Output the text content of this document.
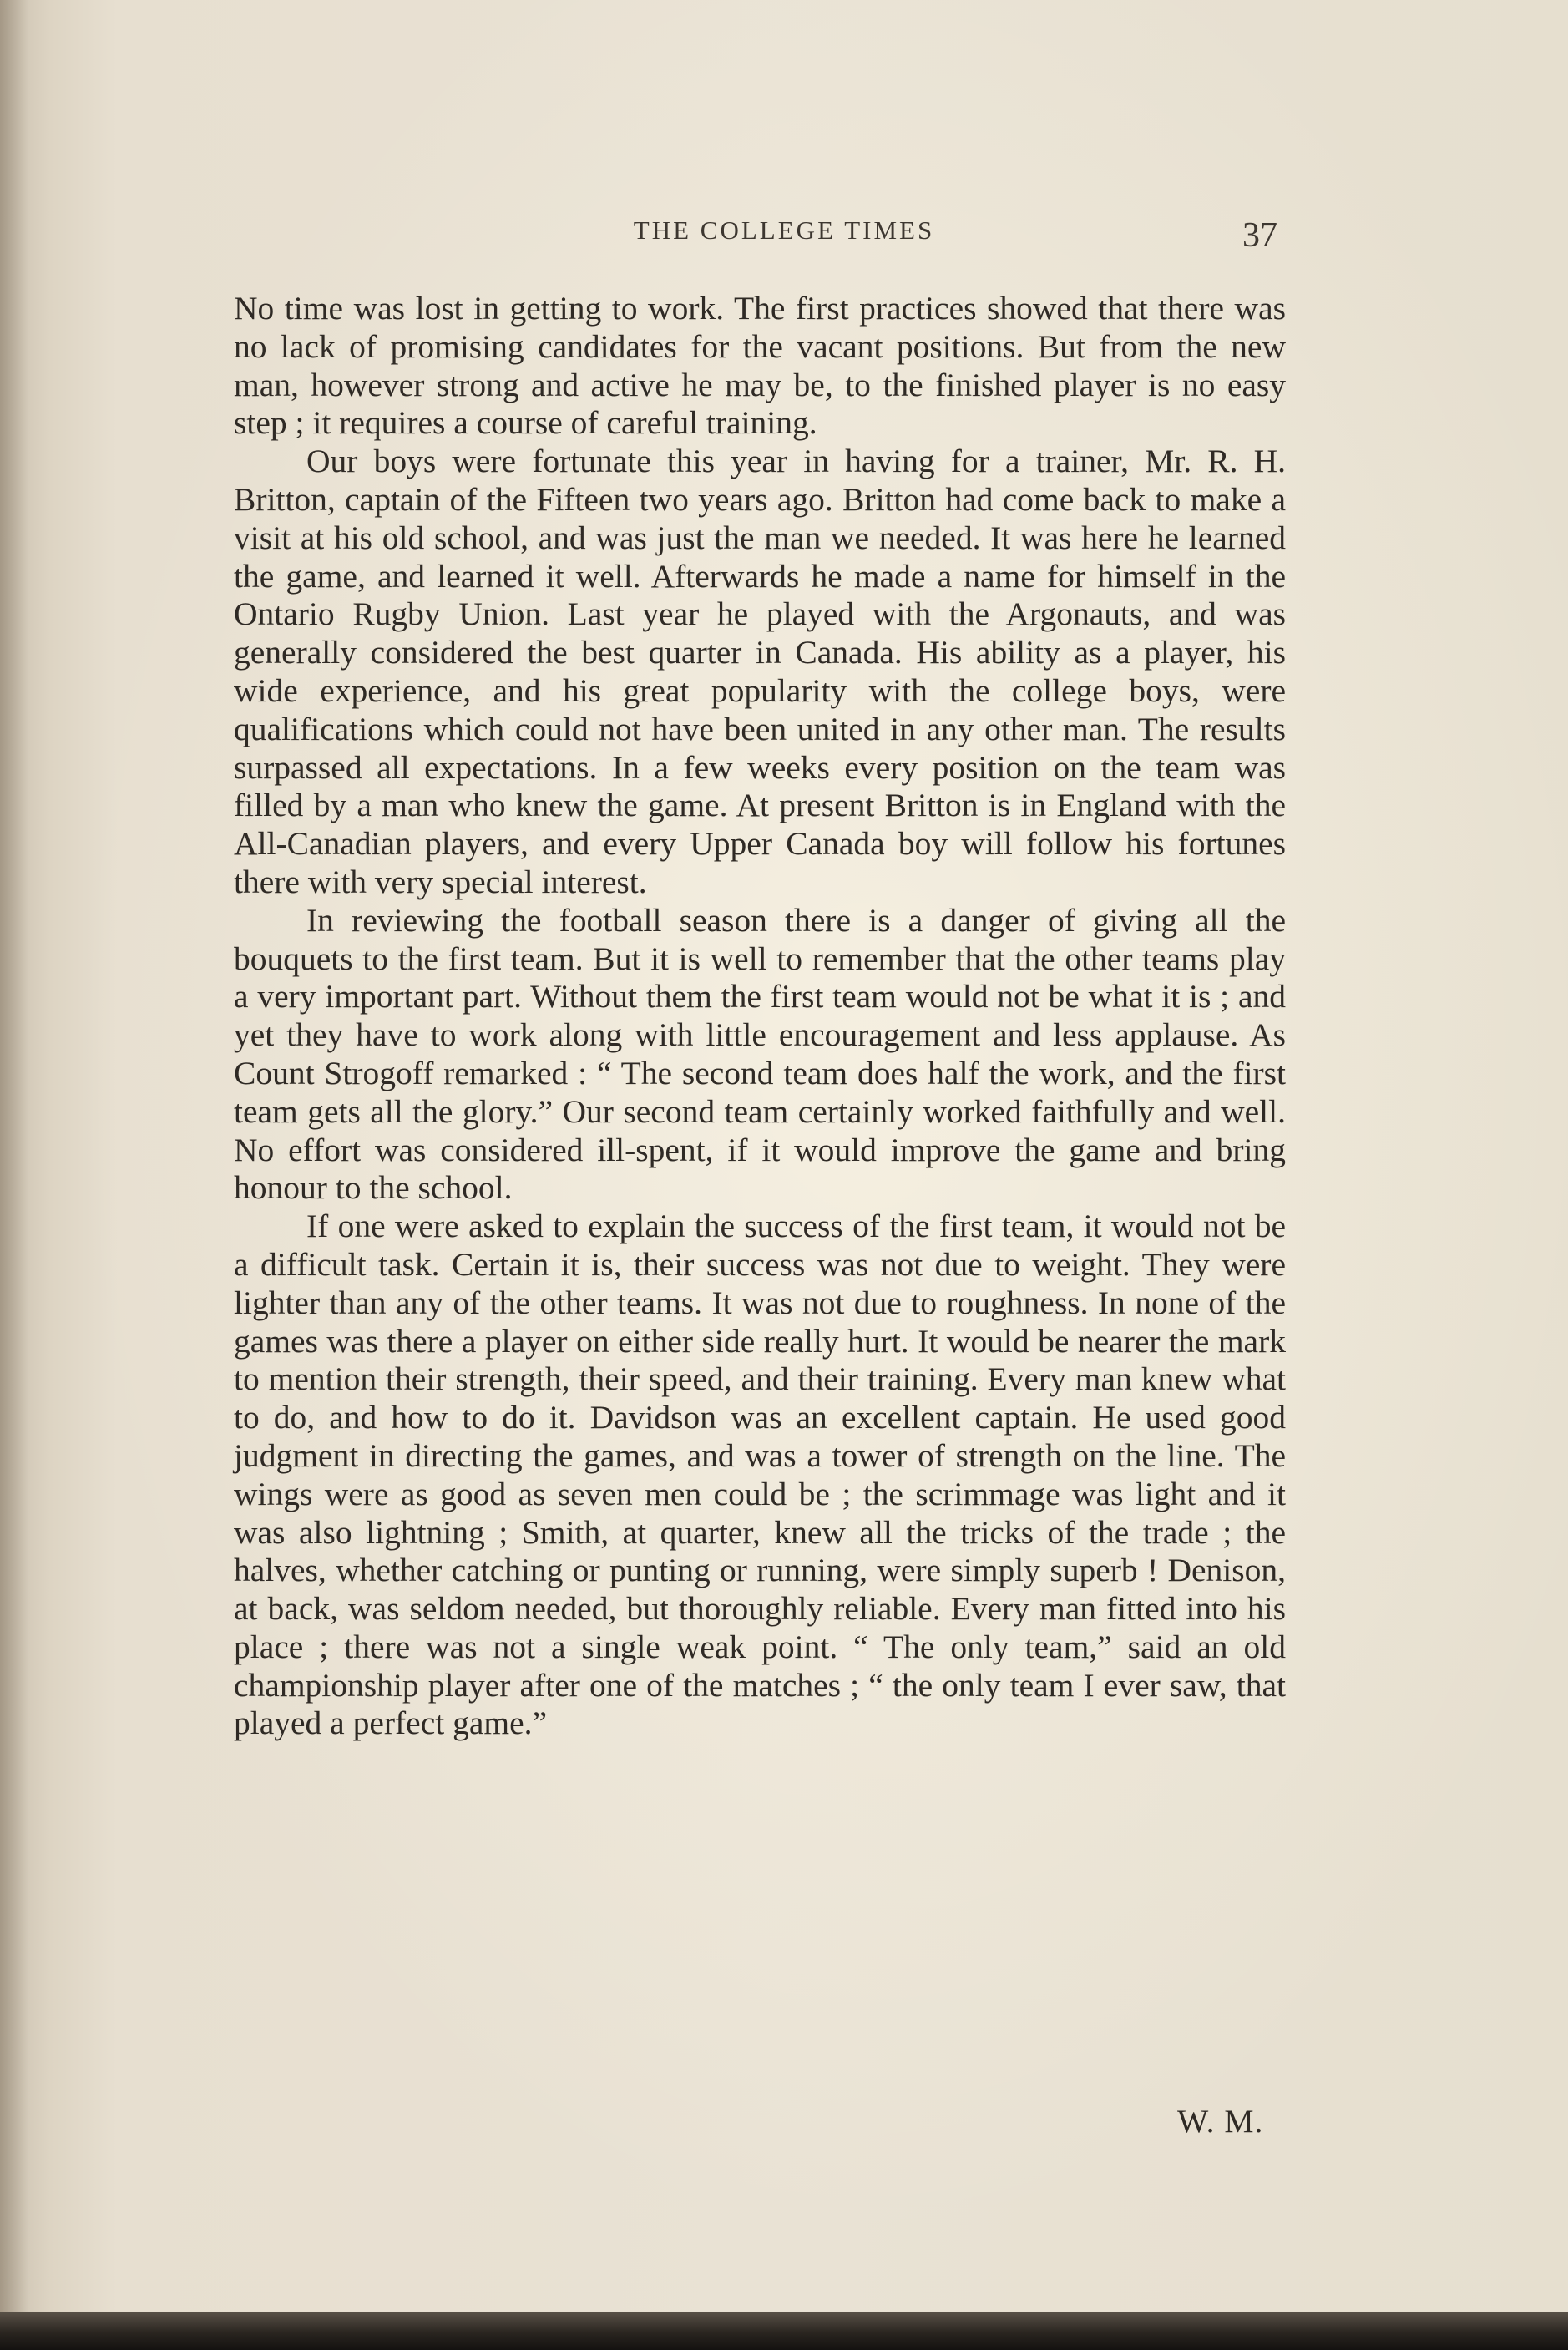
THE COLLEGE TIMES	37

No time was lost in getting to work. The first practices showed that there was no lack of promising candidates for the vacant positions. But from the new man, however strong and active he may be, to the finished player is no easy step ; it requires a course of careful training.

Our boys were fortunate this year in having for a trainer, Mr. R. H. Britton, captain of the Fifteen two years ago. Britton had come back to make a visit at his old school, and was just the man we needed. It was here he learned the game, and learned it well. Afterwards he made a name for himself in the Ontario Rugby Union. Last year he played with the Argonauts, and was generally considered the best quarter in Canada. His ability as a player, his wide experience, and his great popularity with the college boys, were qualifications which could not have been united in any other man. The results surpassed all expectations. In a few weeks every position on the team was filled by a man who knew the game. At present Britton is in England with the All-Canadian players, and every Upper Canada boy will follow his fortunes there with very special interest.

In reviewing the football season there is a danger of giving all the bouquets to the first team. But it is well to remember that the other teams play a very important part. Without them the first team would not be what it is ; and yet they have to work along with little encouragement and less applause. As Count Strogoff remarked : “ The second team does half the work, and the first team gets all the glory.” Our second team certainly worked faithfully and well. No effort was considered ill-spent, if it would improve the game and bring honour to the school.

If one were asked to explain the success of the first team, it would not be a difficult task. Certain it is, their success was not due to weight. They were lighter than any of the other teams. It was not due to roughness. In none of the games was there a player on either side really hurt. It would be nearer the mark to mention their strength, their speed, and their training. Every man knew what to do, and how to do it. Davidson was an excellent captain. He used good judgment in directing the games, and was a tower of strength on the line. The wings were as good as seven men could be ; the scrimmage was light and it was also lightning ; Smith, at quarter, knew all the tricks of the trade ; the halves, whether catching or punting or running, were simply superb ! Denison, at back, was seldom needed, but thoroughly reliable. Every man fitted into his place ; there was not a single weak point. “ The only team,” said an old championship player after one of the matches ; “ the only team I ever saw, that played a perfect game.”

W. M.
